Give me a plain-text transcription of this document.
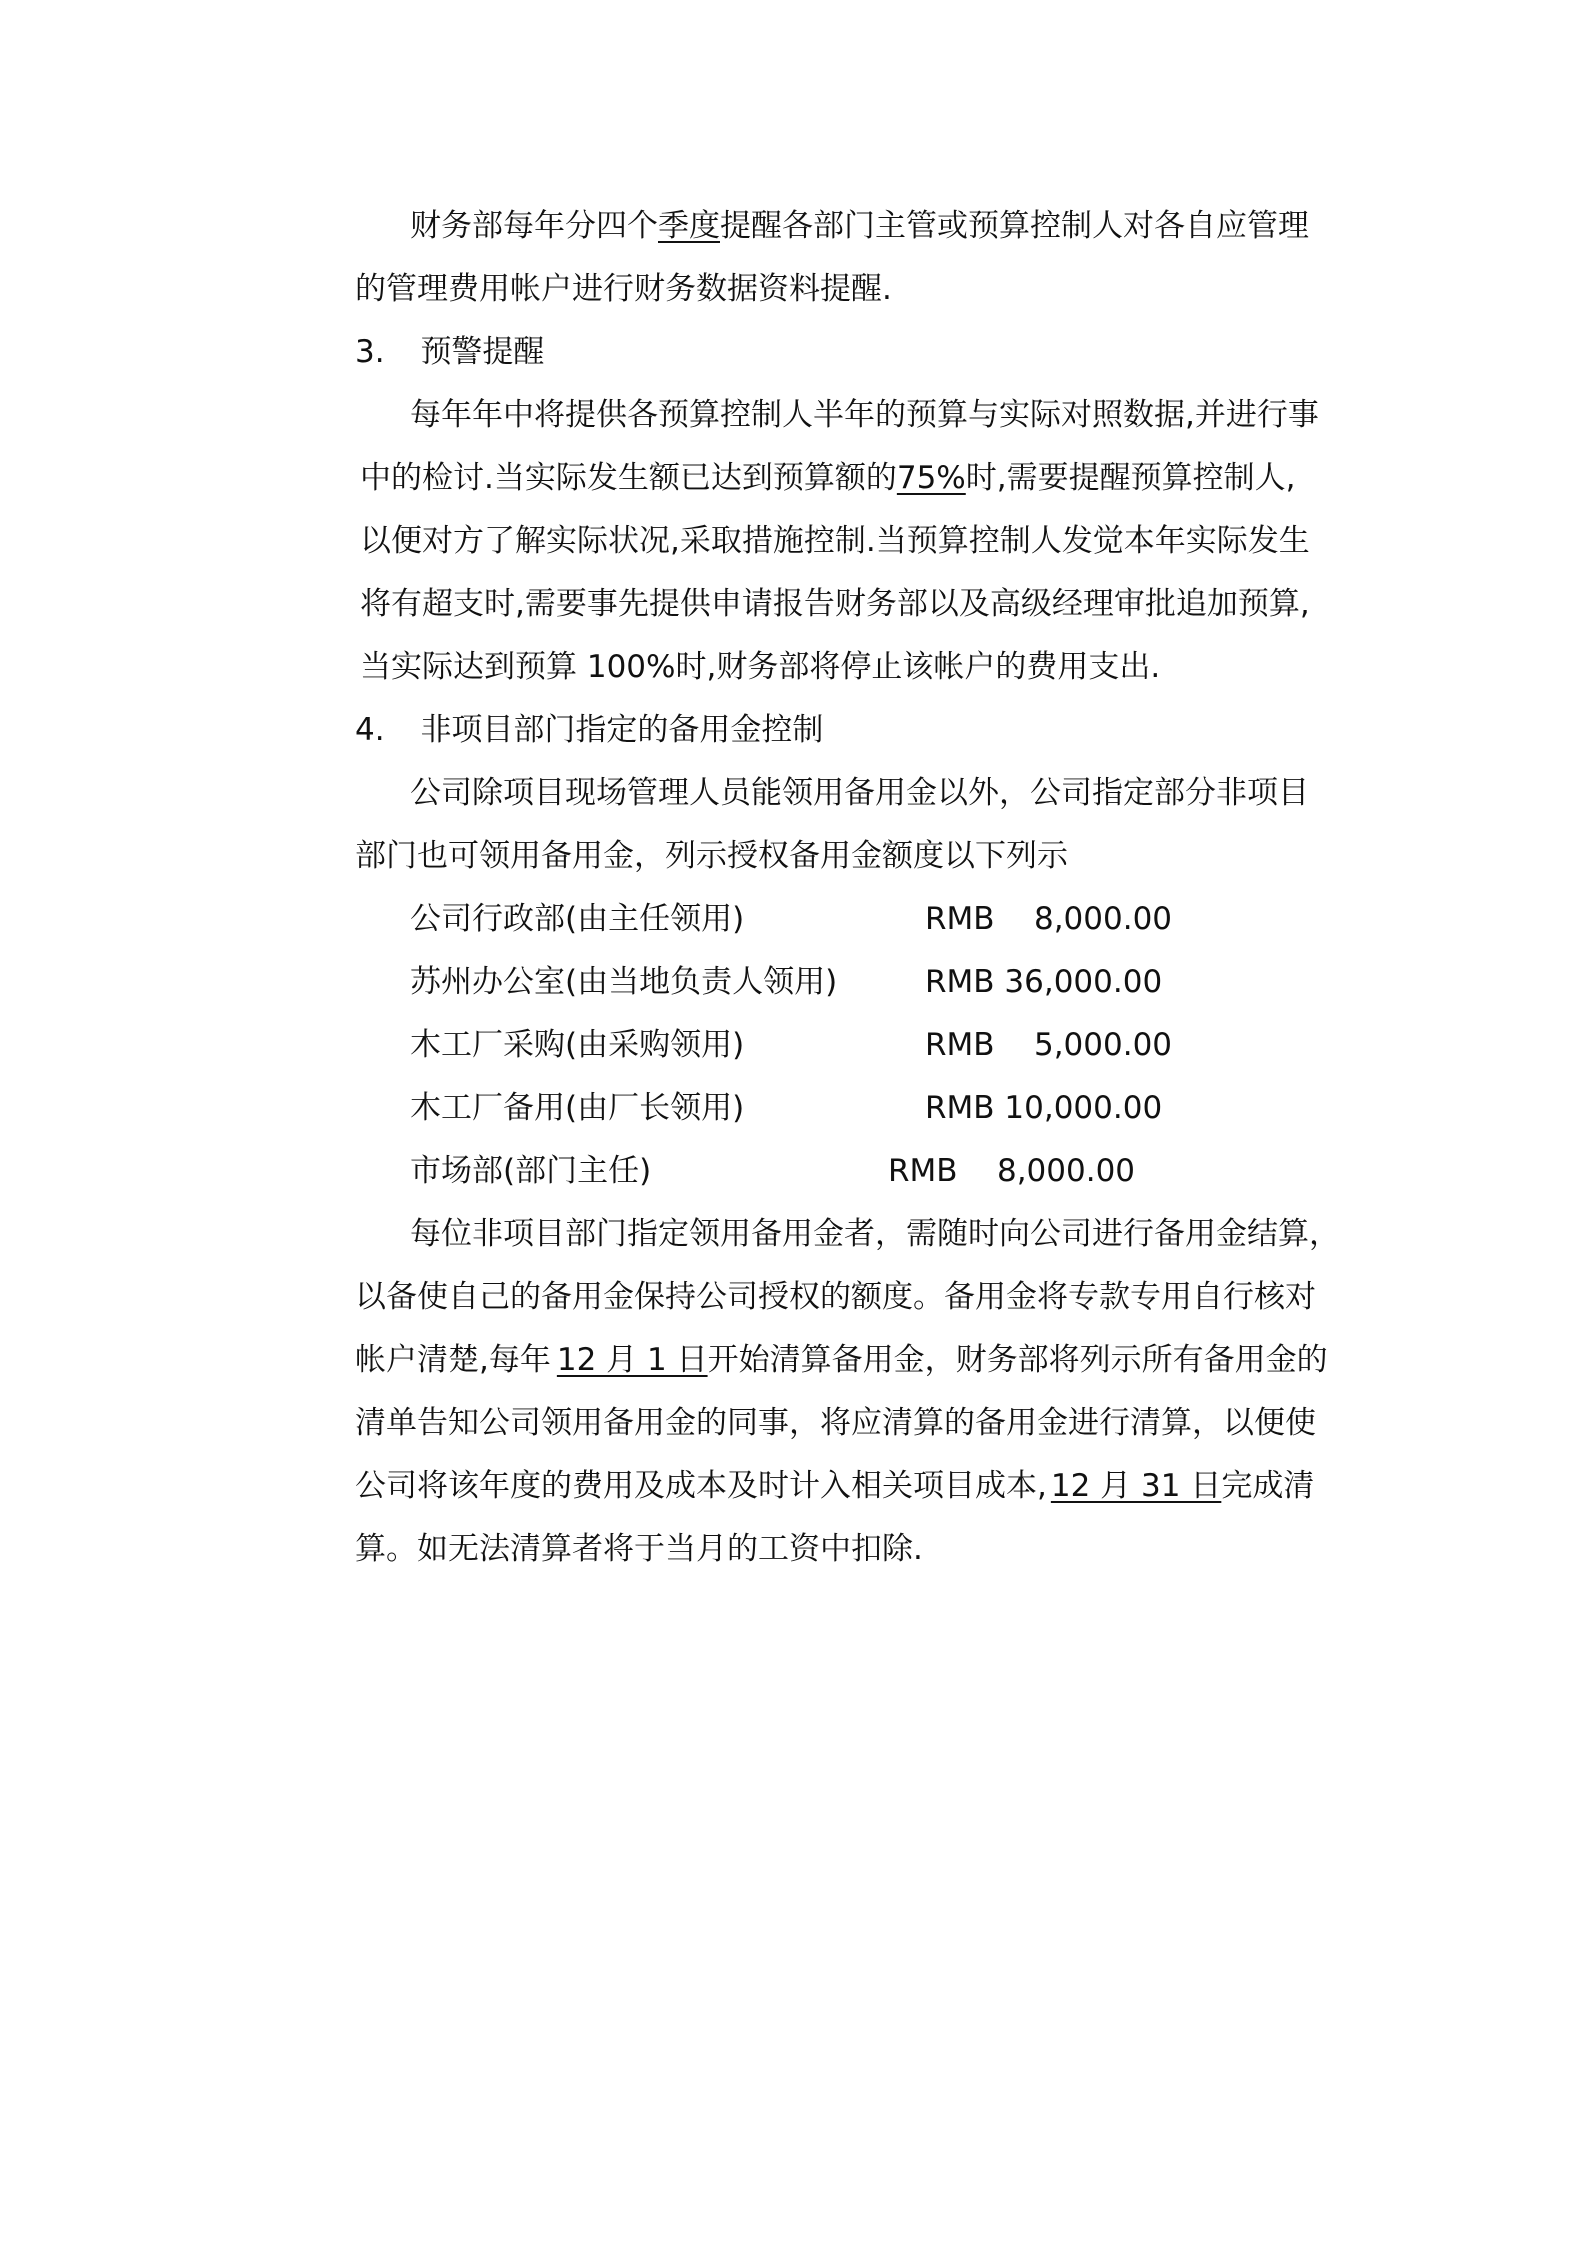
财务部每年分四个季度提醒各部门主管或预算控制人对各自应管理
的管理费用帐户进行财务数据资料提醒.
3. 预警提醒
每年年中将提供各预算控制人半年的预算与实际对照数据,并进行事
中的检讨.当实际发生额已达到预算额的75%时,需要提醒预算控制人,
以便对方了解实际状况,采取措施控制.当预算控制人发觉本年实际发生
将有超支时,需要事先提供申请报告财务部以及高级经理审批追加预算,
当实际达到预算 100%时,财务部将停止该帐户的费用支出.
4. 非项目部门指定的备用金控制
公司除项目现场管理人员能领用备用金以外，公司指定部分非项目
部门也可领用备用金，列示授权备用金额度以下列示
公司行政部(由主任领用)	RMB    8,000.00
苏州办公室(由当地负责人领用)	RMB 36,000.00
木工厂采购(由采购领用)	RMB    5,000.00
木工厂备用(由厂长领用)	RMB 10,000.00
市场部(部门主任)	RMB    8,000.00
每位非项目部门指定领用备用金者，需随时向公司进行备用金结算，
以备使自己的备用金保持公司授权的额度。备用金将专款专用自行核对
帐户清楚,每年 12 月 1 日开始清算备用金，财务部将列示所有备用金的
清单告知公司领用备用金的同事，将应清算的备用金进行清算，以便使
公司将该年度的费用及成本及时计入相关项目成本, 12 月 31 日完成清
算。如无法清算者将于当月的工资中扣除.
